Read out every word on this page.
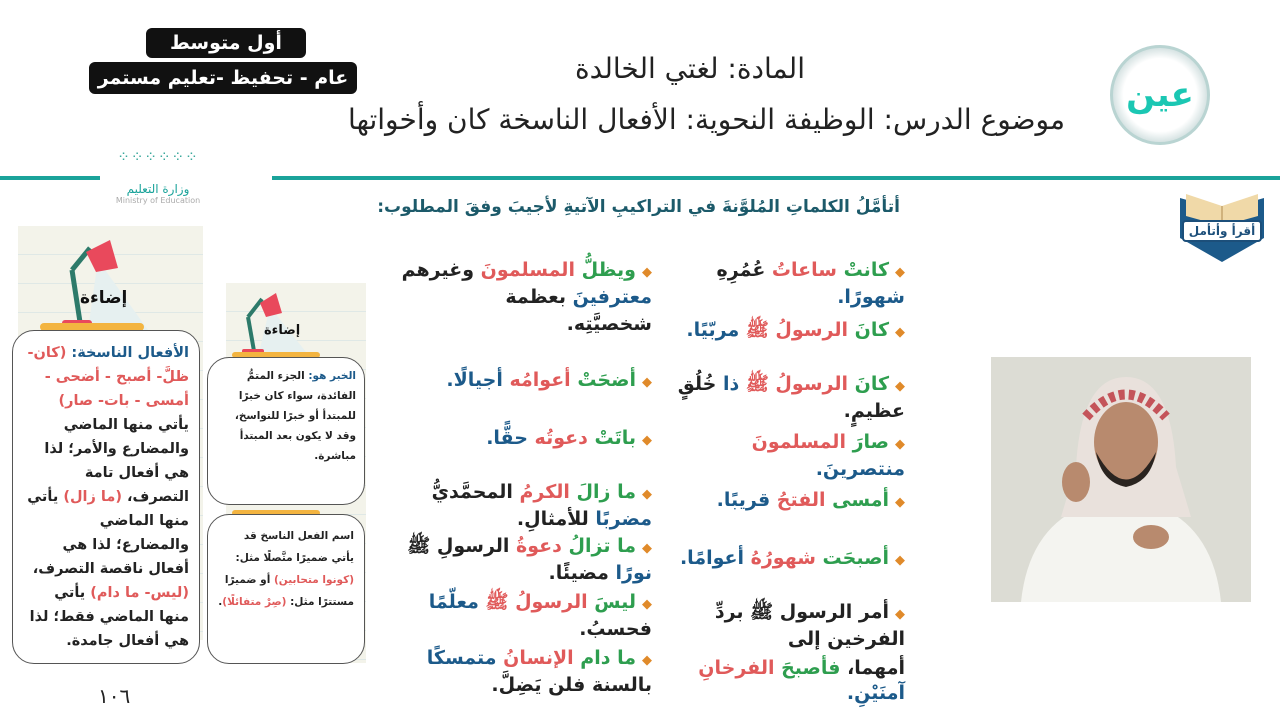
المادة: لغتي الخالدة
موضوع الدرس: الوظيفة النحوية: الأفعال الناسخة كان وأخواتها
أول متوسط
عام - تحفيظ -تعليم مستمر	عين
⁘⁘⁘⁘⁘⁘
وزارة التعليم
Ministry of Education
أقرأ وأتأمل
أتأمَّلُ الكلماتِ المُلوَّنةَ في التراكيبِ الآتيةِ لأجيبَ وفقَ المطلوب:
إضاءة
الأفعال الناسخة: (كان- ظلَّ- أصبح - أضحى - أمسى - بات- صار) يأتي منها الماضي والمضارع والأمر؛ لذا هي أفعال تامة التصرف، (ما زال) يأتي منها الماضي والمضارع؛ لذا هي أفعال ناقصة التصرف، (ليس- ما دام) يأتي منها الماضي فقط؛ لذا هي أفعال جامدة.
إضاءة
الخبر هو: الجزء المتمُّ الفائدة، سواء كان خبرًا للمبتدأ أو خبرًا للنواسخ، وقد لا يكون بعد المبتدأ مباشرة.
اسم الفعل الناسخ قد يأتي ضميرًا متَّصلًا مثل: (كونوا متحابين) أو ضميرًا مستترًا مثل: (صِرْ متفائلًا).
١٠٦
◆كانتْ ساعاتُ عُمُرِهِ شهورًا.
◆كانَ الرسولُ ﷺ مربّيًا.
◆كانَ الرسولُ ﷺ ذا خُلُقٍ عظيمٍ.
◆صارَ المسلمونَ منتصرينَ.
◆أمسى الفتحُ قريبًا.
◆أصبحَت شهورُهُ أعوامًا.
◆أمر الرسول ﷺ بردِّ الفرخين إلى
أمهما، فأصبحَ الفرخانِ آمنَيْنِ.
◆ويظلُّ المسلمونَ وغيرهم معترفينَ بعظمة
شخصيَّتِه.
◆أضحَتْ أعوامُه أجيالًا.
◆باتَتْ دعوتُه حقًّا.
◆ما زالَ الكرمُ المحمَّديُّ مضربًا للأمثالِ.
◆ما تزالُ دعوةُ الرسولِ ﷺ نورًا مضيئًا.
◆ليسَ الرسولُ ﷺ معلّمًا فحسبُ.
◆ما دام الإنسانُ متمسكًا بالسنة فلن يَضِلَّ.
